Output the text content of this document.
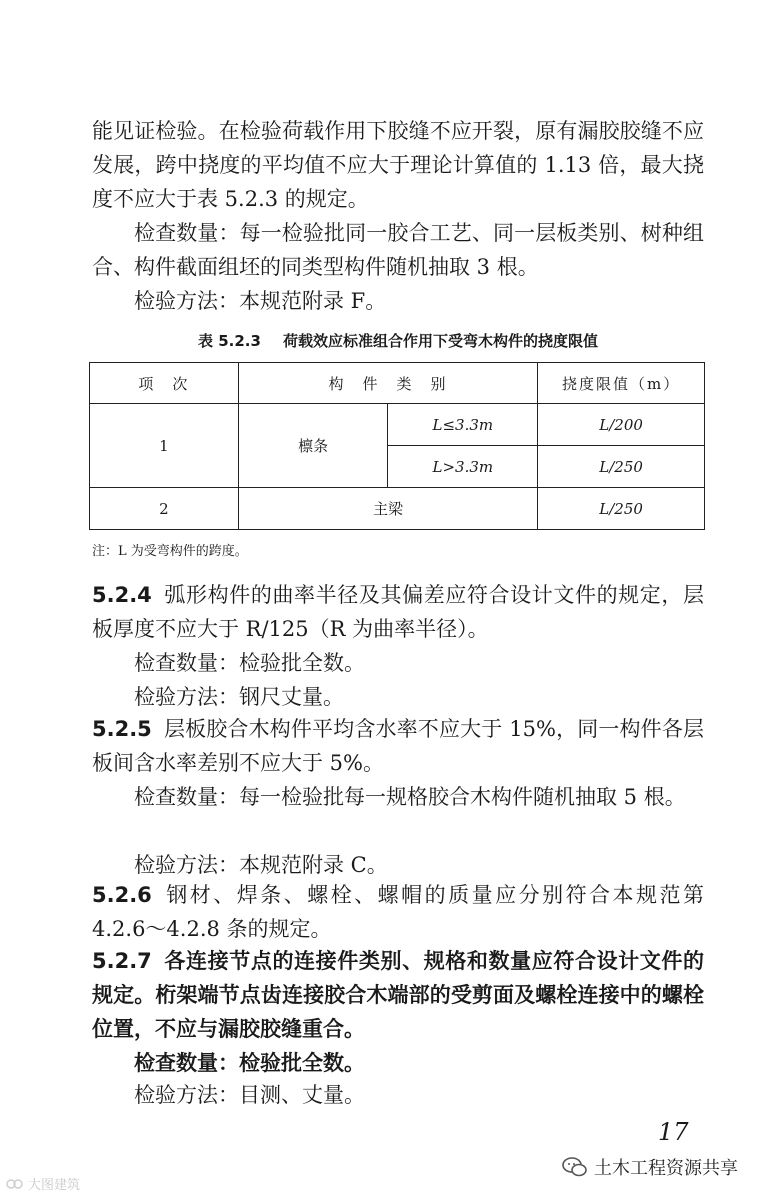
能见证检验。在检验荷载作用下胶缝不应开裂，原有漏胶胶缝不应发展，跨中挠度的平均值不应大于理论计算值的 1.13 倍，最大挠度不应大于表 5.2.3 的规定。

检查数量：每一检验批同一胶合工艺、同一层板类别、树种组合、构件截面组坯的同类型构件随机抽取 3 根。

检验方法：本规范附录 F。

表 5.2.3 荷载效应标准组合作用下受弯木构件的挠度限值
项　次	构　件　类　别		挠度限值（m）
1	檩条	L≤3.3m	L/200
		L>3.3m	L/250
2	主梁		L/250
注：L 为受弯构件的跨度。

5.2.4 弧形构件的曲率半径及其偏差应符合设计文件的规定，层板厚度不应大于 R/125（R 为曲率半径）。

检查数量：检验批全数。

检验方法：钢尺丈量。

5.2.5 层板胶合木构件平均含水率不应大于 15%，同一构件各层板间含水率差别不应大于 5%。

检查数量：每一检验批每一规格胶合木构件随机抽取 5 根。

检验方法：本规范附录 C。

5.2.6 钢材、焊条、螺栓、螺帽的质量应分别符合本规范第 4.2.6～4.2.8 条的规定。

5.2.7 各连接节点的连接件类别、规格和数量应符合设计文件的规定。桁架端节点齿连接胶合木端部的受剪面及螺栓连接中的螺栓位置，不应与漏胶胶缝重合。

检查数量：检验批全数。

检验方法：目测、丈量。

17
大图建筑
土木工程资源共享
